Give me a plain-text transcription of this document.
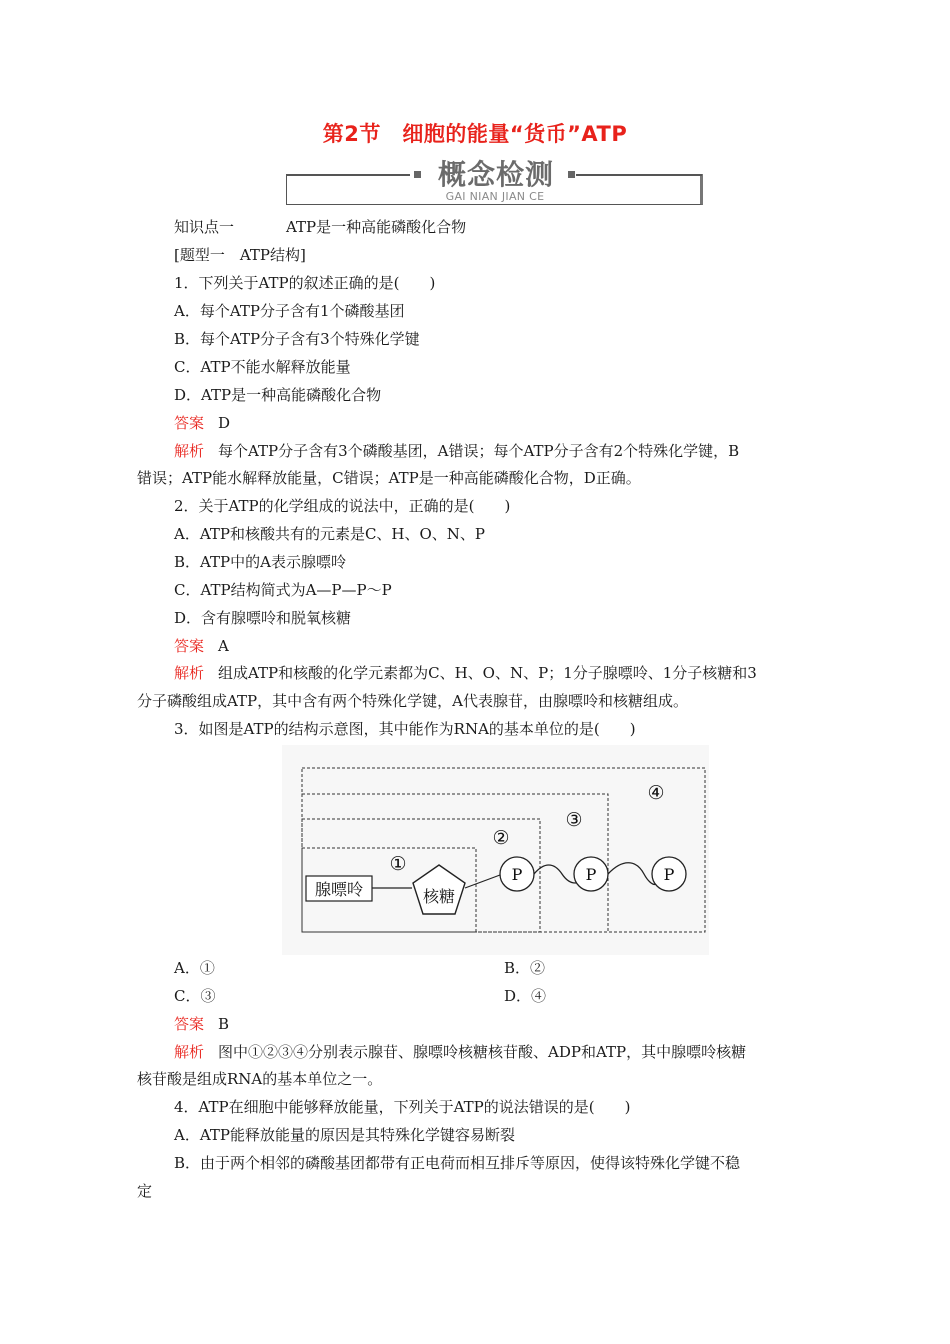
第2节　细胞的能量“货币”ATP
概念检测
GAI NIAN JIAN CE
知识点一	ATP是一种高能磷酸化合物
[题型一　ATP结构]
1．下列关于ATP的叙述正确的是(　　)
A．每个ATP分子含有1个磷酸基团
B．每个ATP分子含有3个特殊化学键
C．ATP不能水解释放能量
D．ATP是一种高能磷酸化合物
答案 D
解析 每个ATP分子含有3个磷酸基团，A错误；每个ATP分子含有2个特殊化学键，B
错误；ATP能水解释放能量，C错误；ATP是一种高能磷酸化合物，D正确。
2．关于ATP的化学组成的说法中，正确的是(　　)
A．ATP和核酸共有的元素是C、H、O、N、P
B．ATP中的A表示腺嘌呤
C．ATP结构简式为A—P—P～P
D．含有腺嘌呤和脱氧核糖
答案 A
解析 组成ATP和核酸的化学元素都为C、H、O、N、P；1分子腺嘌呤、1分子核糖和3
分子磷酸组成ATP，其中含有两个特殊化学键，A代表腺苷，由腺嘌呤和核糖组成。
3．如图是ATP的结构示意图，其中能作为RNA的基本单位的是(　　)
腺嘌呤	核糖
P	P	P
①
②
③
④
A．①	B．②
C．③	D．④
答案 B
解析 图中①②③④分别表示腺苷、腺嘌呤核糖核苷酸、ADP和ATP，其中腺嘌呤核糖
核苷酸是组成RNA的基本单位之一。
4．ATP在细胞中能够释放能量，下列关于ATP的说法错误的是(　　)
A．ATP能释放能量的原因是其特殊化学键容易断裂
B．由于两个相邻的磷酸基团都带有正电荷而相互排斥等原因，使得该特殊化学键不稳
定
